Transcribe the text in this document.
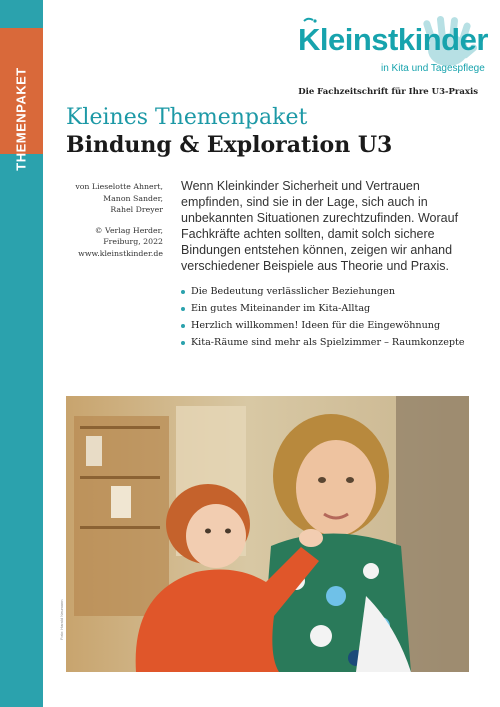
THEMENPAKET
Kleinstkinder
in Kita und Tagespflege
Die Fachzeitschrift für Ihre U3-Praxis
Kleines Themenpaket
Bindung & Exploration U3
von Lieselotte Ahnert,
Manon Sander,
Rahel Dreyer
© Verlag Herder,
Freiburg, 2022
www.kleinstkinder.de

Wenn Kleinkinder Sicherheit und Vertrauen empfinden, sind sie in der Lage, sich auch in unbekannten Situationen zurechtzufinden. Worauf Fachkräfte achten sollten, damit solch sichere Bindungen entstehen können, zeigen wir anhand verschiedener Beispiele aus Theorie und Praxis.

Die Bedeutung verlässlicher Beziehungen
Ein gutes Miteinander im Kita-Alltag
Herzlich willkommen! Ideen für die Eingewöhnung
Kita-Räume sind mehr als Spielzimmer – Raumkonzepte
Foto: Harald Neumann
